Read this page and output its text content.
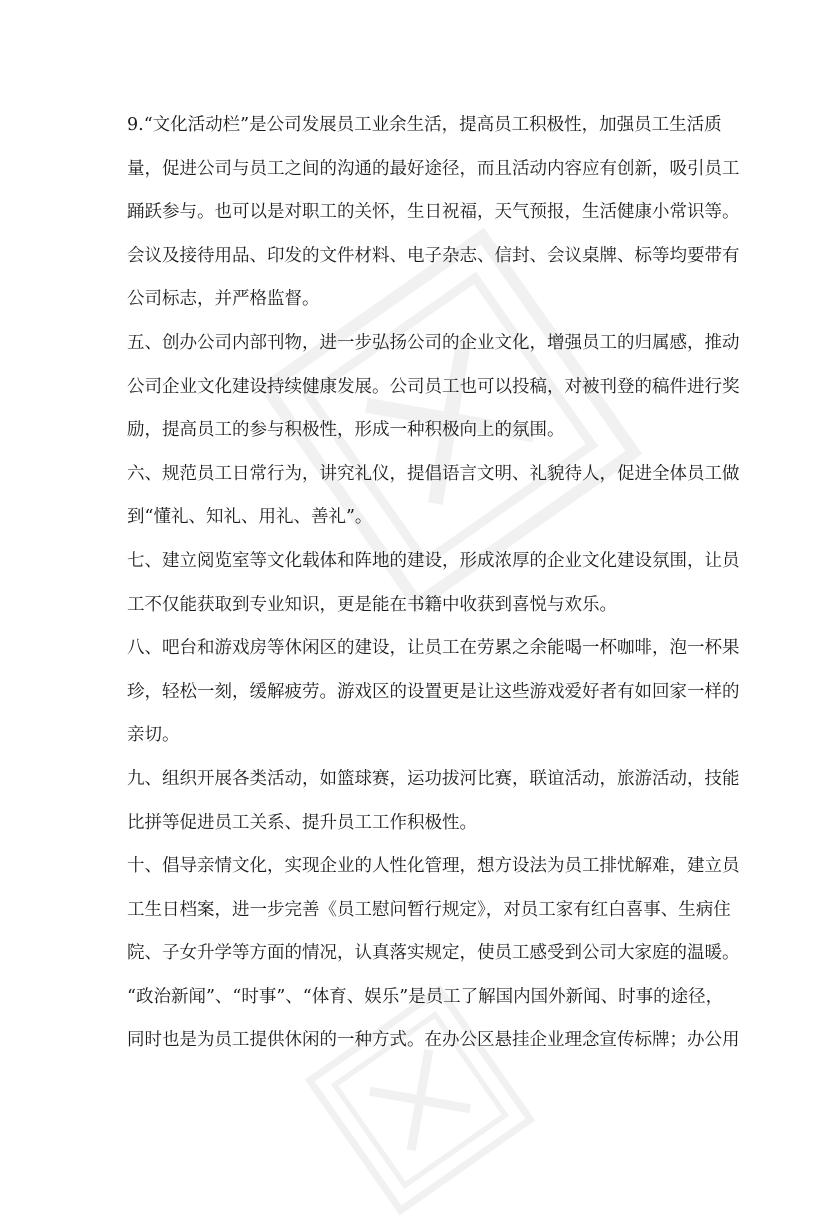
9.“文化活动栏”是公司发展员工业余生活，提高员工积极性，加强员工生活质
量，促进公司与员工之间的沟通的最好途径，而且活动内容应有创新，吸引员工
踊跃参与。也可以是对职工的关怀，生日祝福，天气预报，生活健康小常识等。
会议及接待用品、印发的文件材料、电子杂志、信封、会议桌牌、标等均要带有
公司标志，并严格监督。
五、创办公司内部刊物，进一步弘扬公司的企业文化，增强员工的归属感，推动
公司企业文化建设持续健康发展。公司员工也可以投稿，对被刊登的稿件进行奖
励，提高员工的参与积极性，形成一种积极向上的氛围。
六、规范员工日常行为，讲究礼仪，提倡语言文明、礼貌待人，促进全体员工做
到“懂礼、知礼、用礼、善礼”。
七、建立阅览室等文化载体和阵地的建设，形成浓厚的企业文化建设氛围，让员
工不仅能获取到专业知识，更是能在书籍中收获到喜悦与欢乐。
八、吧台和游戏房等休闲区的建设，让员工在劳累之余能喝一杯咖啡，泡一杯果
珍，轻松一刻，缓解疲劳。游戏区的设置更是让这些游戏爱好者有如回家一样的
亲切。
九、组织开展各类活动，如篮球赛，运功拔河比赛，联谊活动，旅游活动，技能
比拼等促进员工关系、提升员工工作积极性。
十、倡导亲情文化，实现企业的人性化管理，想方设法为员工排忧解难，建立员
工生日档案，进一步完善《员工慰问暂行规定》，对员工家有红白喜事、生病住
院、子女升学等方面的情况，认真落实规定，使员工感受到公司大家庭的温暖。
“政治新闻”、“时事”、“体育、娱乐”是员工了解国内国外新闻、时事的途径，
同时也是为员工提供休闲的一种方式。在办公区悬挂企业理念宣传标牌；办公用
